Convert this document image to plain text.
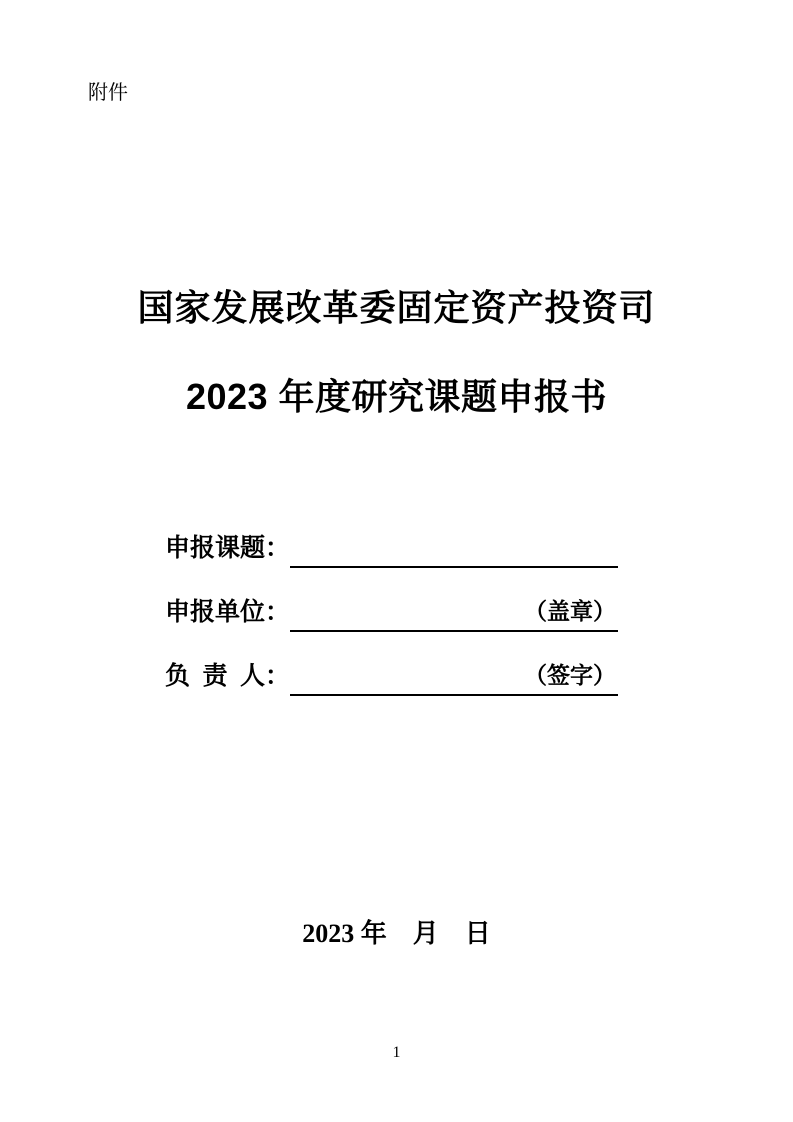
附件
国家发展改革委固定资产投资司
2023 年度研究课题申报书
申报课题：
申报单位：	（盖章）
负  责  人：	（签字）
2023 年　月　日
1
